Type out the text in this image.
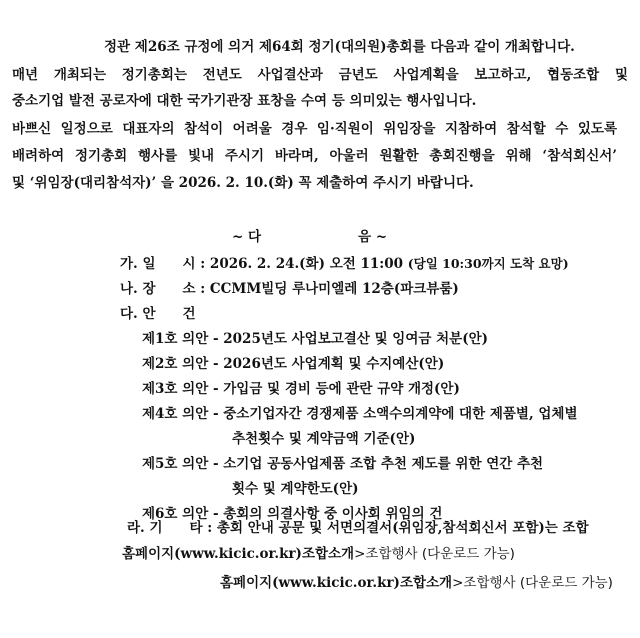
정관 제26조 규정에 의거 제64회 정기(대의원)총회를 다음과 같이 개최합니다.
매년 개최되는 정기총회는 전년도 사업결산과 금년도 사업계획을 보고하고, 협동조합 및
중소기업 발전 공로자에 대한 국가기관장 표창을 수여 등 의미있는 행사입니다.
바쁘신 일정으로 대표자의 참석이 어려울 경우 임·직원이 위임장을 지참하여 참석할 수 있도록
배려하여 정기총회 행사를 빛내 주시기 바라며, 아울러 원활한 총회진행을 위해 ‘참석회신서’
및 ‘위임장(대리참석자)’ 을 2026. 2. 10.(화) 꼭 제출하여 주시기 바랍니다.
~ 다	음 ~
가. 일　　시 : 2026. 2. 24.(화) 오전 11:00 (당일 10:30까지 도착 요망)
나. 장　　소 : CCMM빌딩 루나미엘레 12층(파크뷰룸)
다. 안　　건
제1호 의안 - 2025년도 사업보고결산 및 잉여금 처분(안)
제2호 의안 - 2026년도 사업계획 및 수지예산(안)
제3호 의안 - 가입금 및 경비 등에 관란 규약 개정(안)
제4호 의안 - 중소기업자간 경쟁제품 소액수의계약에 대한 제품별, 업체별
추천횟수 및 계약금액 기준(안)
제5호 의안 - 소기업 공동사업제품 조합 추천 제도를 위한 연간 추천
횟수 및 계약한도(안)
제6호 의안 - 총회의 의결사항 중 이사회 위임의 건
라. 기　　타 : 총회 안내 공문 및 서면의결서(위임장,참석회신서 포함)는 조합
홈페이지(www.kicic.or.kr)조합소개>조합행사 (다운로드 가능)
홈페이지(www.kicic.or.kr)조합소개>조합행사 (다운로드 가능)
